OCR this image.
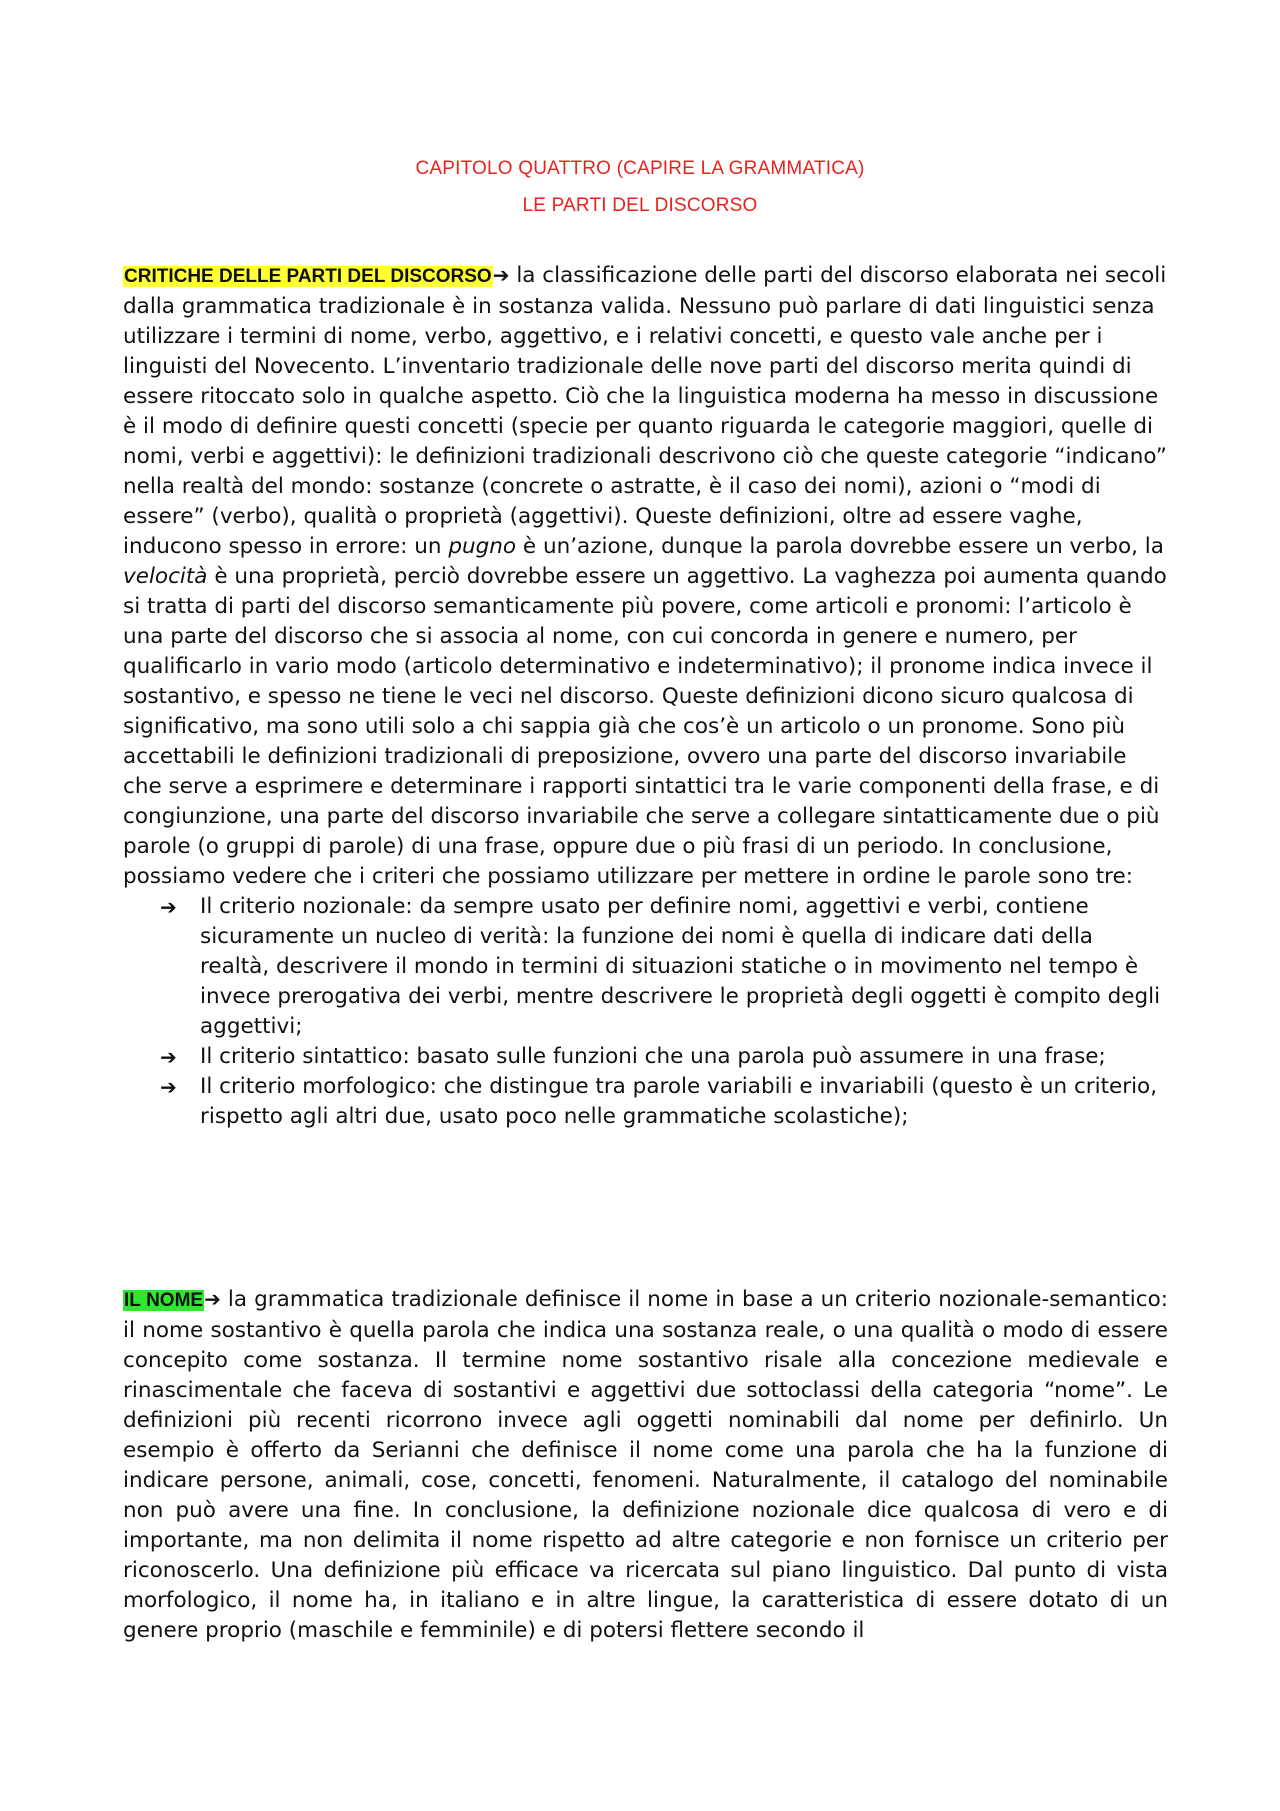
CAPITOLO QUATTRO (CAPIRE LA GRAMMATICA)
LE PARTI DEL DISCORSO
CRITICHE DELLE PARTI DEL DISCORSO➔ la classificazione delle parti del discorso elaborata nei secoli dalla grammatica tradizionale è in sostanza valida. Nessuno può parlare di dati linguistici senza utilizzare i termini di nome, verbo, aggettivo, e i relativi concetti, e questo vale anche per i linguisti del Novecento. L’inventario tradizionale delle nove parti del discorso merita quindi di essere ritoccato solo in qualche aspetto. Ciò che la linguistica moderna ha messo in discussione è il modo di definire questi concetti (specie per quanto riguarda le categorie maggiori, quelle di nomi, verbi e aggettivi): le definizioni tradizionali descrivono ciò che queste categorie “indicano” nella realtà del mondo: sostanze (concrete o astratte, è il caso dei nomi), azioni o “modi di essere” (verbo), qualità o proprietà (aggettivi). Queste definizioni, oltre ad essere vaghe, inducono spesso in errore: un pugno è un’azione, dunque la parola dovrebbe essere un verbo, la velocità è una proprietà, perciò dovrebbe essere un aggettivo. La vaghezza poi aumenta quando si tratta di parti del discorso semanticamente più povere, come articoli e pronomi: l’articolo è una parte del discorso che si associa al nome, con cui concorda in genere e numero, per qualificarlo in vario modo (articolo determinativo e indeterminativo); il pronome indica invece il sostantivo, e spesso ne tiene le veci nel discorso. Queste definizioni dicono sicuro qualcosa di significativo, ma sono utili solo a chi sappia già che cos’è un articolo o un pronome. Sono più accettabili le definizioni tradizionali di preposizione, ovvero una parte del discorso invariabile che serve a esprimere e determinare i rapporti sintattici tra le varie componenti della frase, e di congiunzione, una parte del discorso invariabile che serve a collegare sintatticamente due o più parole (o gruppi di parole) di una frase, oppure due o più frasi di un periodo. In conclusione, possiamo vedere che i criteri che possiamo utilizzare per mettere in ordine le parole sono tre:
➔ Il criterio nozionale: da sempre usato per definire nomi, aggettivi e verbi, contiene sicuramente un nucleo di verità: la funzione dei nomi è quella di indicare dati della realtà, descrivere il mondo in termini di situazioni statiche o in movimento nel tempo è invece prerogativa dei verbi, mentre descrivere le proprietà degli oggetti è compito degli aggettivi;
➔ Il criterio sintattico: basato sulle funzioni che una parola può assumere in una frase;
➔ Il criterio morfologico: che distingue tra parole variabili e invariabili (questo è un criterio, rispetto agli altri due, usato poco nelle grammatiche scolastiche);
IL NOME➔ la grammatica tradizionale definisce il nome in base a un criterio nozionale-semantico: il nome sostantivo è quella parola che indica una sostanza reale, o una qualità o modo di essere concepito come sostanza. Il termine nome sostantivo risale alla concezione medievale e rinascimentale che faceva di sostantivi e aggettivi due sottoclassi della categoria “nome”. Le definizioni più recenti ricorrono invece agli oggetti nominabili dal nome per definirlo. Un esempio è offerto da Serianni che definisce il nome come una parola che ha la funzione di indicare persone, animali, cose, concetti, fenomeni. Naturalmente, il catalogo del nominabile non può avere una fine. In conclusione, la definizione nozionale dice qualcosa di vero e di importante, ma non delimita il nome rispetto ad altre categorie e non fornisce un criterio per riconoscerlo. Una definizione più efficace va ricercata sul piano linguistico. Dal punto di vista morfologico, il nome ha, in italiano e in altre lingue, la caratteristica di essere dotato di un genere proprio (maschile e femminile) e di potersi flettere secondo il
